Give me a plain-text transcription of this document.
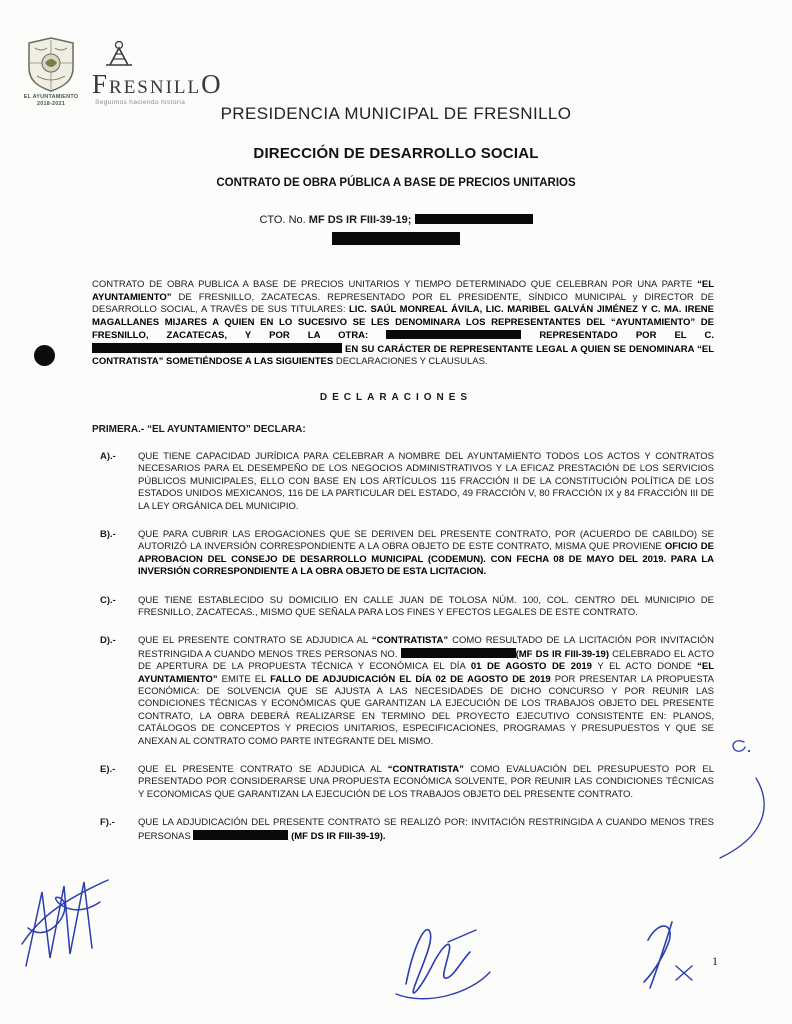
EL AYUNTAMIENTO
2018-2021
FresnillO
Seguimos haciendo historia
PRESIDENCIA MUNICIPAL DE FRESNILLO
DIRECCIÓN DE DESARROLLO SOCIAL
CONTRATO DE OBRA PÚBLICA A BASE DE PRECIOS UNITARIOS
CTO. No. MF DS IR FIII-39-19;

CONTRATO DE OBRA PUBLICA A BASE DE PRECIOS UNITARIOS Y TIEMPO DETERMINADO QUE CELEBRAN POR UNA PARTE “EL AYUNTAMIENTO” DE FRESNILLO, ZACATECAS. REPRESENTADO POR EL PRESIDENTE, SÍNDICO MUNICIPAL y DIRECTOR DE DESARROLLO SOCIAL, A TRAVÉS DE SUS TITULARES: LIC. SAÚL MONREAL ÁVILA, LIC. MARIBEL GALVÁN JIMÉNEZ Y C. MA. IRENE MAGALLANES MIJARES A QUIEN EN LO SUCESIVO SE LES DENOMINARA LOS REPRESENTANTES DEL “AYUNTAMIENTO” DE FRESNILLO, ZACATECAS, Y POR LA OTRA:	REPRESENTADO POR EL C.  EN SU CARÁCTER DE REPRESENTANTE LEGAL A QUIEN SE DENOMINARA “EL CONTRATISTA” SOMETIÉNDOSE A LAS SIGUIENTES DECLARACIONES Y CLAUSULAS.

DECLARACIONES
PRIMERA.- “EL AYUNTAMIENTO” DECLARA:
A).-	QUE TIENE CAPACIDAD JURÍDICA PARA CELEBRAR A NOMBRE DEL AYUNTAMIENTO TODOS LOS ACTOS Y CONTRATOS NECESARIOS PARA EL DESEMPEÑO DE LOS NEGOCIOS ADMINISTRATIVOS Y LA EFICAZ PRESTACIÓN DE LOS SERVICIOS PÚBLICOS MUNICIPALES, ELLO CON BASE EN LOS ARTÍCULOS 115 FRACCIÓN II DE LA CONSTITUCIÓN POLÍTICA DE LOS ESTADOS UNIDOS MEXICANOS, 116 DE LA PARTICULAR DEL ESTADO, 49 FRACCIÓN V, 80 FRACCIÓN IX y 84 FRACCIÓN III DE LA LEY ORGÁNICA DEL MUNICIPIO.
B).-	QUE PARA CUBRIR LAS EROGACIONES QUE SE DERIVEN DEL PRESENTE CONTRATO, POR (ACUERDO DE CABILDO) SE AUTORIZÓ LA INVERSIÓN CORRESPONDIENTE A LA OBRA OBJETO DE ESTE CONTRATO, MISMA QUE PROVIENE OFICIO DE APROBACION DEL CONSEJO DE DESARROLLO MUNICIPAL (CODEMUN). CON FECHA 08 DE MAYO DEL 2019. PARA LA INVERSIÓN CORRESPONDIENTE A LA OBRA OBJETO DE ESTA LICITACION.
C).-	QUE TIENE ESTABLECIDO SU DOMICILIO EN CALLE JUAN DE TOLOSA NÚM. 100, COL. CENTRO DEL MUNICIPIO DE FRESNILLO, ZACATECAS., MISMO QUE SEÑALA PARA LOS FINES Y EFECTOS LEGALES DE ESTE CONTRATO.
D).-	QUE EL PRESENTE CONTRATO SE ADJUDICA AL “CONTRATISTA” COMO RESULTADO DE LA LICITACIÓN POR INVITACIÓN RESTRINGIDA A CUANDO MENOS TRES PERSONAS NO.	(MF DS IR FIII-39-19) CELEBRADO EL ACTO DE APERTURA DE LA PROPUESTA TÉCNICA Y ECONÓMICA EL DÍA 01 DE AGOSTO DE 2019 Y EL ACTO DONDE “EL AYUNTAMIENTO” EMITE EL FALLO DE ADJUDICACIÓN EL DÍA 02 DE AGOSTO DE 2019 POR PRESENTAR LA PROPUESTA ECONÓMICA: DE SOLVENCIA QUE SE AJUSTA A LAS NECESIDADES DE DICHO CONCURSO Y POR REUNIR LAS CONDICIONES TÉCNICAS Y ECONÓMICAS QUE GARANTIZAN LA EJECUCIÓN DE LOS TRABAJOS OBJETO DEL PRESENTE CONTRATO, LA OBRA DEBERÁ REALIZARSE EN TERMINO DEL PROYECTO EJECUTIVO CONSISTENTE EN: PLANOS, CATÁLOGOS DE CONCEPTOS Y PRECIOS UNITARIOS, ESPECIFICACIONES, PROGRAMAS Y PRESUPUESTOS Y QUE SE ANEXAN AL CONTRATO COMO PARTE INTEGRANTE DEL MISMO.
E).-	QUE EL PRESENTE CONTRATO SE ADJUDICA AL “CONTRATISTA” COMO EVALUACIÓN DEL PRESUPUESTO POR EL PRESENTADO POR CONSIDERARSE UNA PROPUESTA ECONÓMICA SOLVENTE, POR REUNIR LAS CONDICIONES TÉCNICAS Y ECONOMICAS QUE GARANTIZAN LA EJECUCIÓN DE LOS TRABAJOS OBJETO DEL PRESENTE CONTRATO.
F).-	QUE LA ADJUDICACIÓN DEL PRESENTE CONTRATO SE REALIZÓ POR: INVITACIÓN RESTRINGIDA A CUANDO MENOS TRES PERSONAS	(MF DS IR FIII-39-19).
1
